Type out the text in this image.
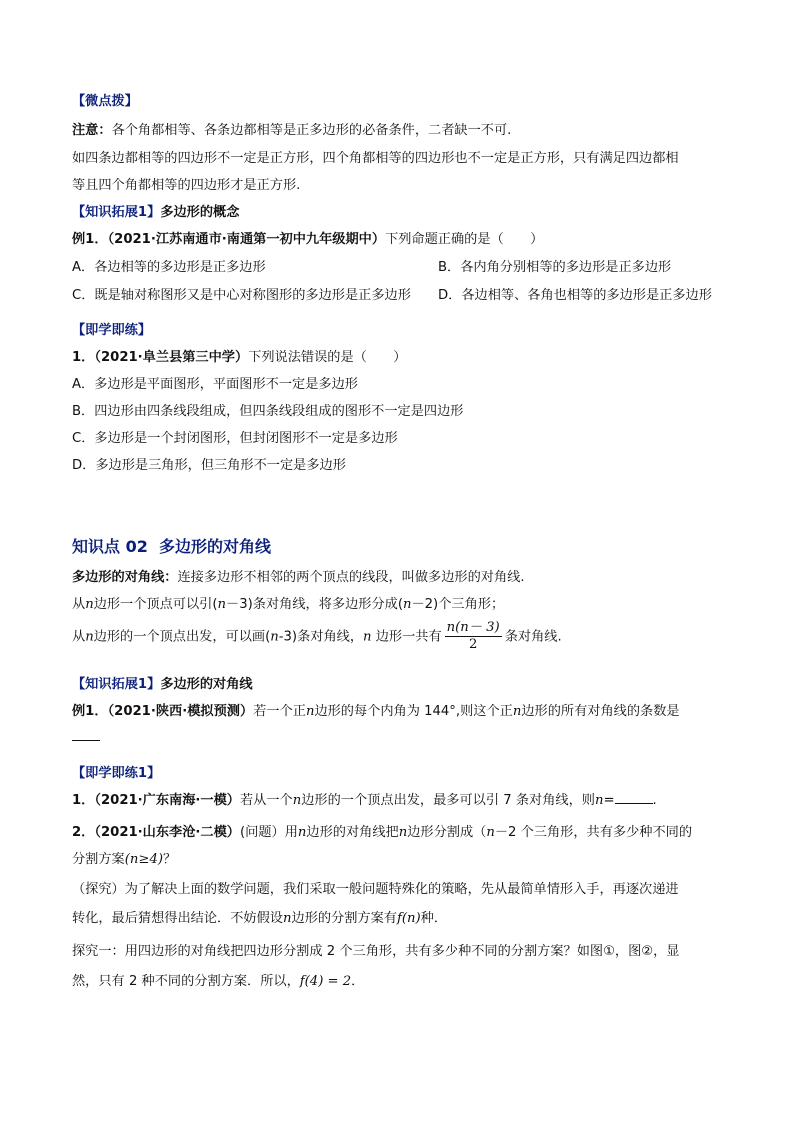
【微点拨】
注意：各个角都相等、各条边都相等是正多边形的必备条件，二者缺一不可.
如四条边都相等的四边形不一定是正方形，四个角都相等的四边形也不一定是正方形，只有满足四边都相
等且四个角都相等的四边形才是正方形.
【知识拓展1】多边形的概念
例1．（2021·江苏南通市·南通第一初中九年级期中）下列命题正确的是（　　）
A．各边相等的多边形是正多边形	B．各内角分别相等的多边形是正多边形
C．既是轴对称图形又是中心对称图形的多边形是正多边形 D．各边相等、各角也相等的多边形是正多边形
【即学即练】
1．（2021·阜兰县第三中学）下列说法错误的是（　　）
A．多边形是平面图形，平面图形不一定是多边形
B．四边形由四条线段组成，但四条线段组成的图形不一定是四边形
C．多边形是一个封闭图形，但封闭图形不一定是多边形
D．多边形是三角形，但三角形不一定是多边形
知识点 02 多边形的对角线
多边形的对角线：连接多边形不相邻的两个顶点的线段，叫做多边形的对角线.
从n边形一个顶点可以引(n－3)条对角线，将多边形分成(n－2)个三角形；
从n边形的一个顶点出发，可以画(n-3)条对角线，n 边形一共有 $\frac{n(n- 3)}{2}$ 条对角线.
【知识拓展1】多边形的对角线
例1．（2021·陕西·模拟预测）若一个正n边形的每个内角为 144°,则这个正n边形的所有对角线的条数是
【即学即练1】
1．（2021·广东南海·一模）若从一个n边形的一个顶点出发，最多可以引 7 条对角线，则n=	.
2．（2021·山东李沧·二模）(问题）用n边形的对角线把n边形分割成（n－2 个三角形，共有多少种不同的
分割方案(n≥4)？
（探究）为了解决上面的数学问题，我们采取一般问题特殊化的策略，先从最简单情形入手，再逐次递进
转化，最后猜想得出结论．不妨假设n边形的分割方案有f(n)种．
探究一：用四边形的对角线把四边形分割成 2 个三角形，共有多少种不同的分割方案？如图①，图②，显
然，只有 2 种不同的分割方案．所以，f(4) = 2．
